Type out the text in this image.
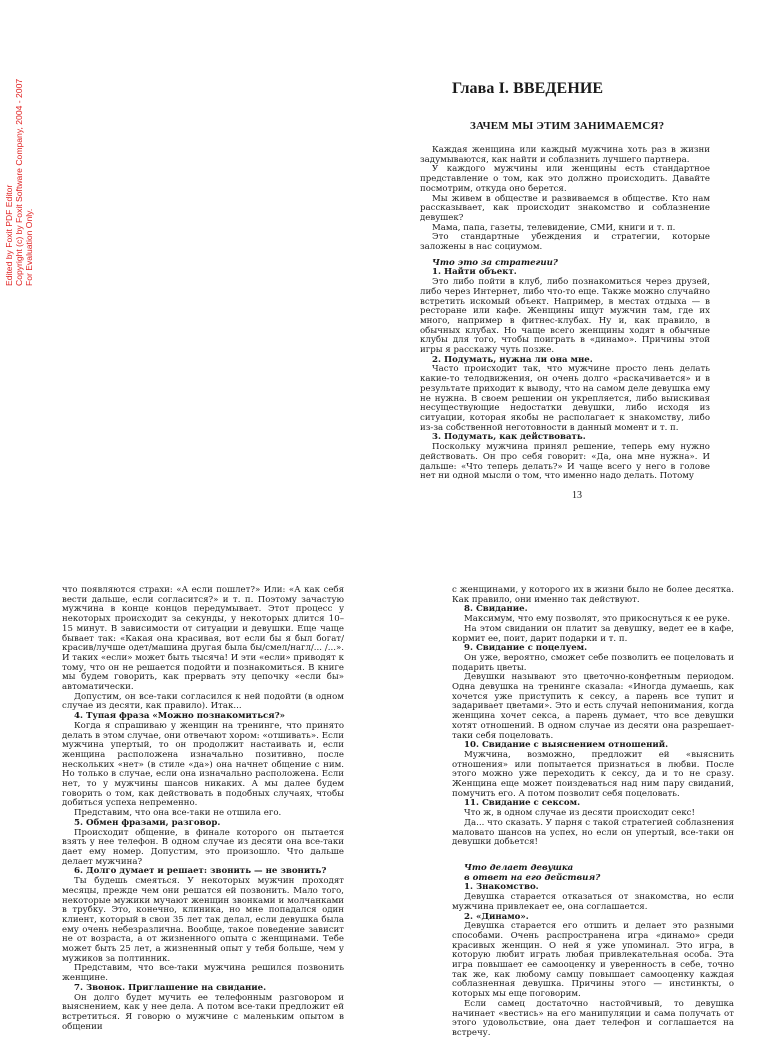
Edited by Foxit PDF Editor Copyright (c) by Foxit Software Company, 2004 - 2007 For Evaluation Only.
Глава I. ВВЕДЕНИЕ
ЗАЧЕМ МЫ ЭТИМ ЗАНИМАЕМСЯ?

Каждая женщина или каждый мужчина хоть раз в жизни задумываются, как найти и соблазнить лучшего партнера.

У каждого мужчины или женщины есть стандартное представление о том, как это должно происходить. Давайте посмотрим, откуда оно берется.

Мы живем в обществе и развиваемся в обществе. Кто нам рассказывает, как происходит знакомство и соблазнение девушек?

Мама, папа, газеты, телевидение, СМИ, книги и т. п.

Это стандартные убеждения и стратегии, которые заложены в нас социумом.

Что это за стратегии?
1. Найти объект.

Это либо пойти в клуб, либо познакомиться через друзей, либо через Интернет, либо что-то еще. Также можно случайно встретить искомый объект. Например, в местах отдыха — в ресторане или кафе. Женщины ищут мужчин там, где их много, например в фитнес-клубах. Ну и, как правило, в обычных клубах. Но чаще всего женщины ходят в обычные клубы для того, чтобы поиграть в «динамо». Причины этой игры я расскажу чуть позже.

2. Подумать, нужна ли она мне.

Часто происходит так, что мужчине просто лень делать какие-то телодвижения, он очень долго «раскачивается» и в результате приходит к выводу, что на самом деле девушка ему не нужна. В своем решении он укрепляется, либо выискивая несуществующие недостатки девушки, либо исходя из ситуации, которая якобы не располагает к знакомству, либо из-за собственной неготовности в данный момент и т. п.

3. Подумать, как действовать.

Поскольку мужчина принял решение, теперь ему нужно действовать. Он про себя говорит: «Да, она мне нужна». И дальше: «Что теперь делать?» И чаще всего у него в голове нет ни одной мысли о том, что именно надо делать. Потому

13

что появляются страхи: «А если пошлет?» Или: «А как себя вести дальше, если согласится?» и т. п. Поэтому зачастую мужчина в конце концов передумывает. Этот процесс у некоторых происходит за секунды, у некоторых длится 10–15 минут. В зависимости от ситуации и девушки. Еще чаще бывает так: «Какая она красивая, вот если бы я был богат/красив/лучше одет/машина другая была бы/смел/нагл/... /...». И таких «если» может быть тысяча! И эти «если» приводят к тому, что он не решается подойти и познакомиться. В книге мы будем говорить, как прервать эту цепочку «если бы» автоматически.

Допустим, он все-таки согласился к ней подойти (в одном случае из десяти, как правило). Итак...

4. Тупая фраза «Можно познакомиться?»

Когда я спрашиваю у женщин на тренинге, что принято делать в этом случае, они отвечают хором: «отшивать». Если мужчина упертый, то он продолжит настаивать и, если женщина расположена изначально позитивно, после нескольких «нет» (в стиле «да») она начнет общение с ним. Но только в случае, если она изначально расположена. Если нет, то у мужчины шансов никаких. А мы далее будем говорить о том, как действовать в подобных случаях, чтобы добиться успеха непременно.

Представим, что она все-таки не отшила его.

5. Обмен фразами, разговор.

Происходит общение, в финале которого он пытается взять у нее телефон. В одном случае из десяти она все-таки дает ему номер. Допустим, это произошло. Что дальше делает мужчина?

6. Долго думает и решает: звонить — не звонить?

Ты будешь смеяться. У некоторых мужчин проходят месяцы, прежде чем они решатся ей позвонить. Мало того, некоторые мужики мучают женщин звонками и молчанками в трубку. Это, конечно, клиника, но мне попадался один клиент, который в свои 35 лет так делал, если девушка была ему очень небезразлична. Вообще, такое поведение зависит не от возраста, а от жизненного опыта с женщинами. Тебе может быть 25 лет, а жизненный опыт у тебя больше, чем у мужиков за полтинник.

Представим, что все-таки мужчина решился позвонить женщине.

7. Звонок. Приглашение на свидание.

Он долго будет мучить ее телефонным разговором и выяснением, как у нее дела. А потом все-таки предложит ей встретиться. Я говорю о мужчине с маленьким опытом в общении

с женщинами, у которого их в жизни было не более десятка. Как правило, они именно так действуют.

8. Свидание.

Максимум, что ему позволят, это прикоснуться к ее руке.

На этом свидании он платит за девушку, ведет ее в кафе, кормит ее, поит, дарит подарки и т. п.

9. Свидание с поцелуем.

Он уже, вероятно, сможет себе позволить ее поцеловать и подарить цветы.

Девушки называют это цветочно-конфетным периодом. Одна девушка на тренинге сказала: «Иногда думаешь, как хочется уже приступить к сексу, а парень все тупит и задаривает цветами». Это и есть случай непонимания, когда женщина хочет секса, а парень думает, что все девушки хотят отношений. В одном случае из десяти она разрешает-таки себя поцеловать.

10. Свидание с выяснением отношений.

Мужчина, возможно, предложит ей «выяснить отношения» или попытается признаться в любви. После этого можно уже переходить к сексу, да и то не сразу. Женщина еще может поиздеваться над ним пару свиданий, помучить его. А потом позволит себя поцеловать.

11. Свидание с сексом.

Что ж, в одном случае из десяти происходит секс!

Да... что сказать. У парня с такой стратегией соблазнения маловато шансов на успех, но если он упертый, все-таки он девушки добьется!

Что делает девушка
в ответ на его действия?
1. Знакомство.

Девушка старается отказаться от знакомства, но если мужчина привлекает ее, она соглашается.

2. «Динамо».

Девушка старается его отшить и делает это разными способами. Очень распространена игра «динамо» среди красивых женщин. О ней я уже упоминал. Это игра, в которую любит играть любая привлекательная особа. Эта игра повышает ее самооценку и уверенность в себе, точно так же, как любому самцу повышает самооценку каждая соблазненная девушка. Причины этого — инстинкты, о которых мы еще поговорим.

Если самец достаточно настойчивый, то девушка начинает «вестись» на его манипуляции и сама получать от этого удовольствие, она дает телефон и соглашается на встречу.
